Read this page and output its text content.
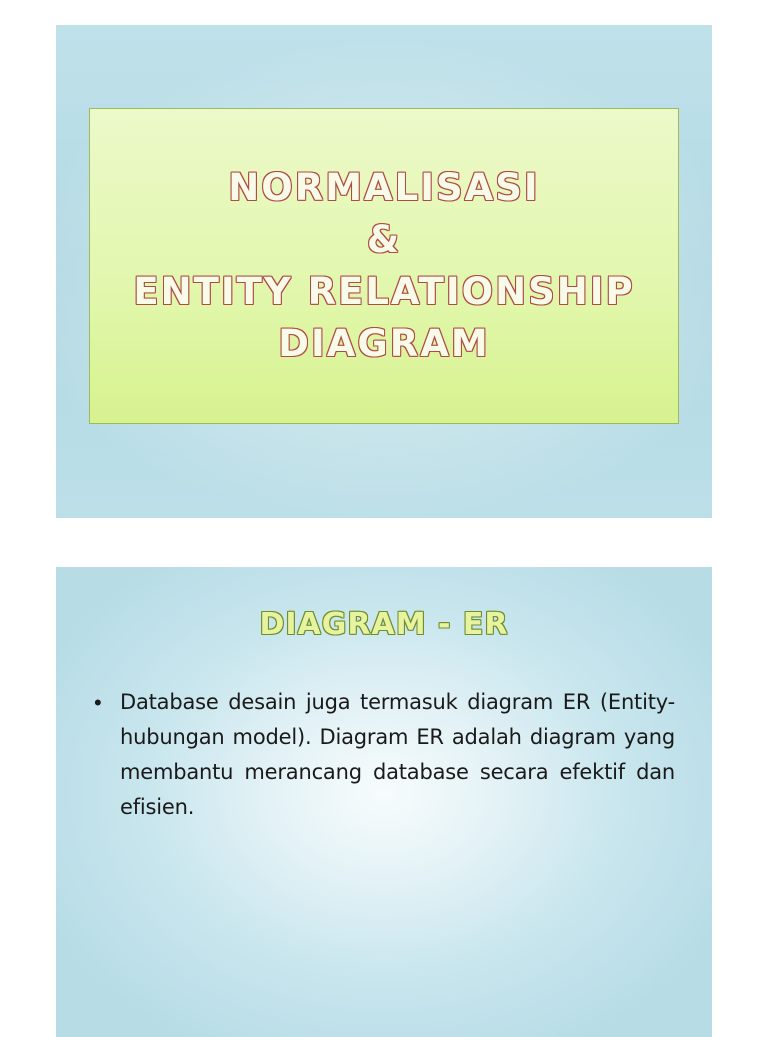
NORMALISASI
&
ENTITY RELATIONSHIP
DIAGRAM
DIAGRAM - ER
• Database desain juga termasuk diagram ER (Entity-hubungan model). Diagram ER adalah diagram yang membantu merancang database secara efektif dan efisien.
